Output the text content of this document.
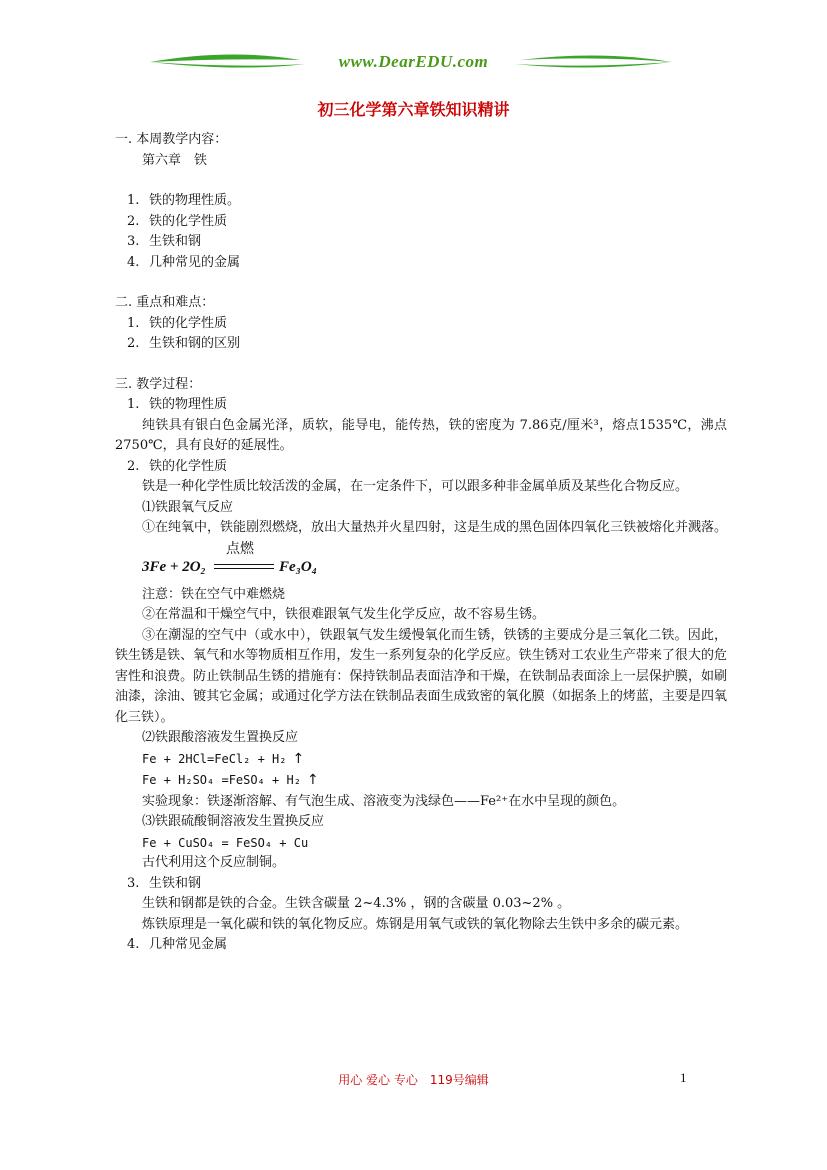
www.DearEDU.com
初三化学第六章铁知识精讲

一. 本周教学内容：

第六章　铁

1. 铁的物理性质。

2. 铁的化学性质

3. 生铁和钢

4. 几种常见的金属

二. 重点和难点：

1. 铁的化学性质

2. 生铁和钢的区别

三. 教学过程：

1. 铁的物理性质

纯铁具有银白色金属光泽，质软，能导电，能传热，铁的密度为 7.86克/厘米³，熔点1535℃，沸点2750℃，具有良好的延展性。

2. 铁的化学性质

铁是一种化学性质比较活泼的金属，在一定条件下，可以跟多种非金属单质及某些化合物反应。

⑴铁跟氧气反应

①在纯氧中，铁能剧烈燃烧，放出大量热并火星四射，这是生成的黑色固体四氧化三铁被熔化并溅落。

3Fe + 2O₂
点燃
Fe₃O₄

注意：铁在空气中难燃烧

②在常温和干燥空气中，铁很难跟氧气发生化学反应，故不容易生锈。

③在潮湿的空气中（或水中），铁跟氧气发生缓慢氧化而生锈，铁锈的主要成分是三氧化二铁。因此，铁生锈是铁、氧气和水等物质相互作用，发生一系列复杂的化学反应。铁生锈对工农业生产带来了很大的危害性和浪费。防止铁制品生锈的措施有：保持铁制品表面洁净和干燥，在铁制品表面涂上一层保护膜，如刷油漆，涂油、镀其它金属；或通过化学方法在铁制品表面生成致密的氧化膜（如据条上的烤蓝，主要是四氧化三铁）。

⑵铁跟酸溶液发生置换反应

Fe + 2HCl=FeCl₂ + H₂ ↑

Fe + H₂SO₄ =FeSO₄ + H₂ ↑

实验现象：铁逐渐溶解、有气泡生成、溶液变为浅绿色——Fe²⁺在水中呈现的颜色。

⑶铁跟硫酸铜溶液发生置换反应

Fe + CuSO₄ = FeSO₄ + Cu

古代利用这个反应制铜。

3. 生铁和钢

生铁和钢都是铁的合金。生铁含碳量 2~4.3% ，钢的含碳量 0.03~2% 。

炼铁原理是一氧化碳和铁的氧化物反应。炼钢是用氧气或铁的氧化物除去生铁中多余的碳元素。

4. 几种常见金属

用心 爱心 专心　119号编辑	1
